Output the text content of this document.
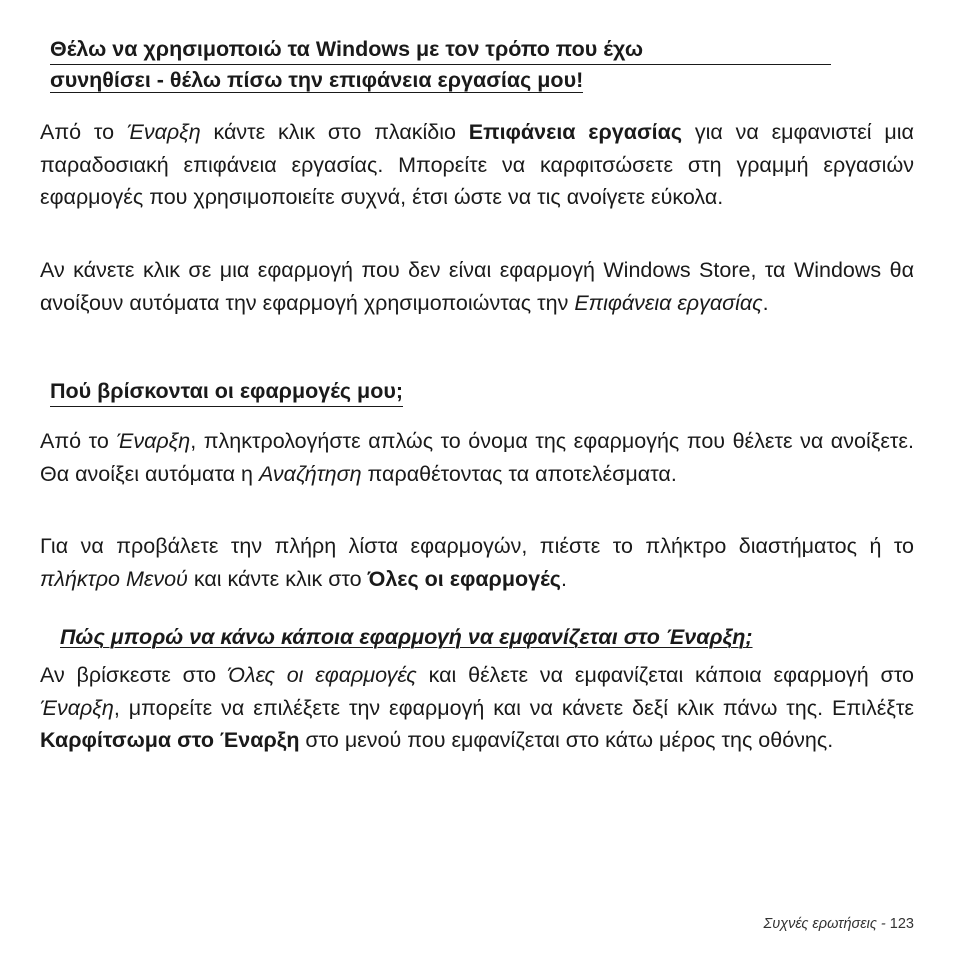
Θέλω να χρησιμοποιώ τα Windows με τον τρόπο που έχω
συνηθίσει - θέλω πίσω την επιφάνεια εργασίας μου!

Από το Έναρξη κάντε κλικ στο πλακίδιο Επιφάνεια εργασίας για να εμφανιστεί μια παραδοσιακή επιφάνεια εργασίας. Μπορείτε να καρφιτσώσετε στη γραμμή εργασιών εφαρμογές που χρησιμοποιείτε συχνά, έτσι ώστε να τις ανοίγετε εύκολα.

Αν κάνετε κλικ σε μια εφαρμογή που δεν είναι εφαρμογή Windows Store, τα Windows θα ανοίξουν αυτόματα την εφαρμογή χρησιμοποιώντας την Επιφάνεια εργασίας.

Πού βρίσκονται οι εφαρμογές μου;

Από το Έναρξη, πληκτρολογήστε απλώς το όνομα της εφαρμογής που θέλετε να ανοίξετε. Θα ανοίξει αυτόματα η Αναζήτηση παραθέτοντας τα αποτελέσματα.

Για να προβάλετε την πλήρη λίστα εφαρμογών, πιέστε το πλήκτρο διαστήματος ή το πλήκτρο Μενού και κάντε κλικ στο Όλες οι εφαρμογές.

Πώς μπορώ να κάνω κάποια εφαρμογή να εμφανίζεται στο Έναρξη;

Αν βρίσκεστε στο Όλες οι εφαρμογές και θέλετε να εμφανίζεται κάποια εφαρμογή στο Έναρξη, μπορείτε να επιλέξετε την εφαρμογή και να κάνετε δεξί κλικ πάνω της. Επιλέξτε Καρφίτσωμα στο Έναρξη στο μενού που εμφανίζεται στο κάτω μέρος της οθόνης.

Συχνές ερωτήσεις - 123
